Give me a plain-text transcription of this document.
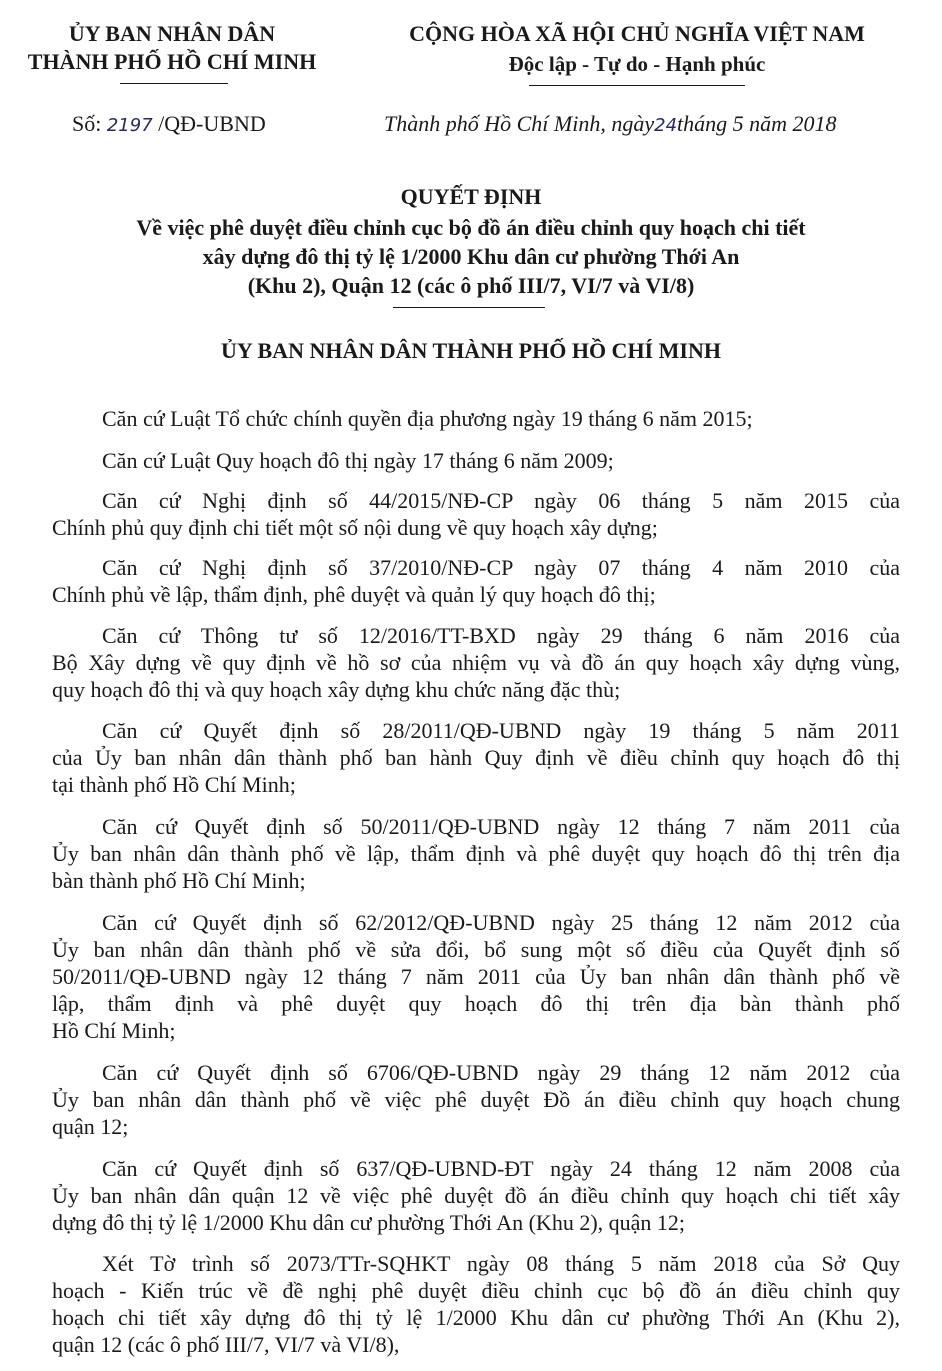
ỦY BAN NHÂN DÂN
THÀNH PHỐ HỒ CHÍ MINH
CỘNG HÒA XÃ HỘI CHỦ NGHĨA VIỆT NAM
Độc lập - Tự do - Hạnh phúc
Số: 2197 /QĐ-UBND	Thành phố Hồ Chí Minh, ngày24tháng 5 năm 2018
QUYẾT ĐỊNH
Về việc phê duyệt điều chỉnh cục bộ đồ án điều chỉnh quy hoạch chi tiết
xây dựng đô thị tỷ lệ 1/2000 Khu dân cư phường Thới An
(Khu 2), Quận 12 (các ô phố III/7, VI/7 và VI/8)
ỦY BAN NHÂN DÂN THÀNH PHỐ HỒ CHÍ MINH
Căn cứ Luật Tổ chức chính quyền địa phương ngày 19 tháng 6 năm 2015;
Căn cứ Luật Quy hoạch đô thị ngày 17 tháng 6 năm 2009;
Căn cứ Nghị định số 44/2015/NĐ-CP ngày 06 tháng 5 năm 2015 của
Chính phủ quy định chi tiết một số nội dung về quy hoạch xây dựng;
Căn cứ Nghị định số 37/2010/NĐ-CP ngày 07 tháng 4 năm 2010 của
Chính phủ về lập, thẩm định, phê duyệt và quản lý quy hoạch đô thị;
Căn cứ Thông tư số 12/2016/TT-BXD ngày 29 tháng 6 năm 2016 của
Bộ Xây dựng về quy định về hồ sơ của nhiệm vụ và đồ án quy hoạch xây dựng vùng,
quy hoạch đô thị và quy hoạch xây dựng khu chức năng đặc thù;
Căn cứ Quyết định số 28/2011/QĐ-UBND ngày 19 tháng 5 năm 2011
của Ủy ban nhân dân thành phố ban hành Quy định về điều chỉnh quy hoạch đô thị
tại thành phố Hồ Chí Minh;
Căn cứ Quyết định số 50/2011/QĐ-UBND ngày 12 tháng 7 năm 2011 của
Ủy ban nhân dân thành phố về lập, thẩm định và phê duyệt quy hoạch đô thị trên địa
bàn thành phố Hồ Chí Minh;
Căn cứ Quyết định số 62/2012/QĐ-UBND ngày 25 tháng 12 năm 2012 của
Ủy ban nhân dân thành phố về sửa đổi, bổ sung một số điều của Quyết định số
50/2011/QĐ-UBND ngày 12 tháng 7 năm 2011 của Ủy ban nhân dân thành phố về
lập, thẩm định và phê duyệt quy hoạch đô thị trên địa bàn thành phố
Hồ Chí Minh;
Căn cứ Quyết định số 6706/QĐ-UBND ngày 29 tháng 12 năm 2012 của
Ủy ban nhân dân thành phố về việc phê duyệt Đồ án điều chỉnh quy hoạch chung
quận 12;
Căn cứ Quyết định số 637/QĐ-UBND-ĐT ngày 24 tháng 12 năm 2008 của
Ủy ban nhân dân quận 12 về việc phê duyệt đồ án điều chỉnh quy hoạch chi tiết xây
dựng đô thị tỷ lệ 1/2000 Khu dân cư phường Thới An (Khu 2), quận 12;
Xét Tờ trình số 2073/TTr-SQHKT ngày 08 tháng 5 năm 2018 của Sở Quy
hoạch - Kiến trúc về đề nghị phê duyệt điều chỉnh cục bộ đồ án điều chỉnh quy
hoạch chi tiết xây dựng đô thị tỷ lệ 1/2000 Khu dân cư phường Thới An (Khu 2),
quận 12 (các ô phố III/7, VI/7 và VI/8),
